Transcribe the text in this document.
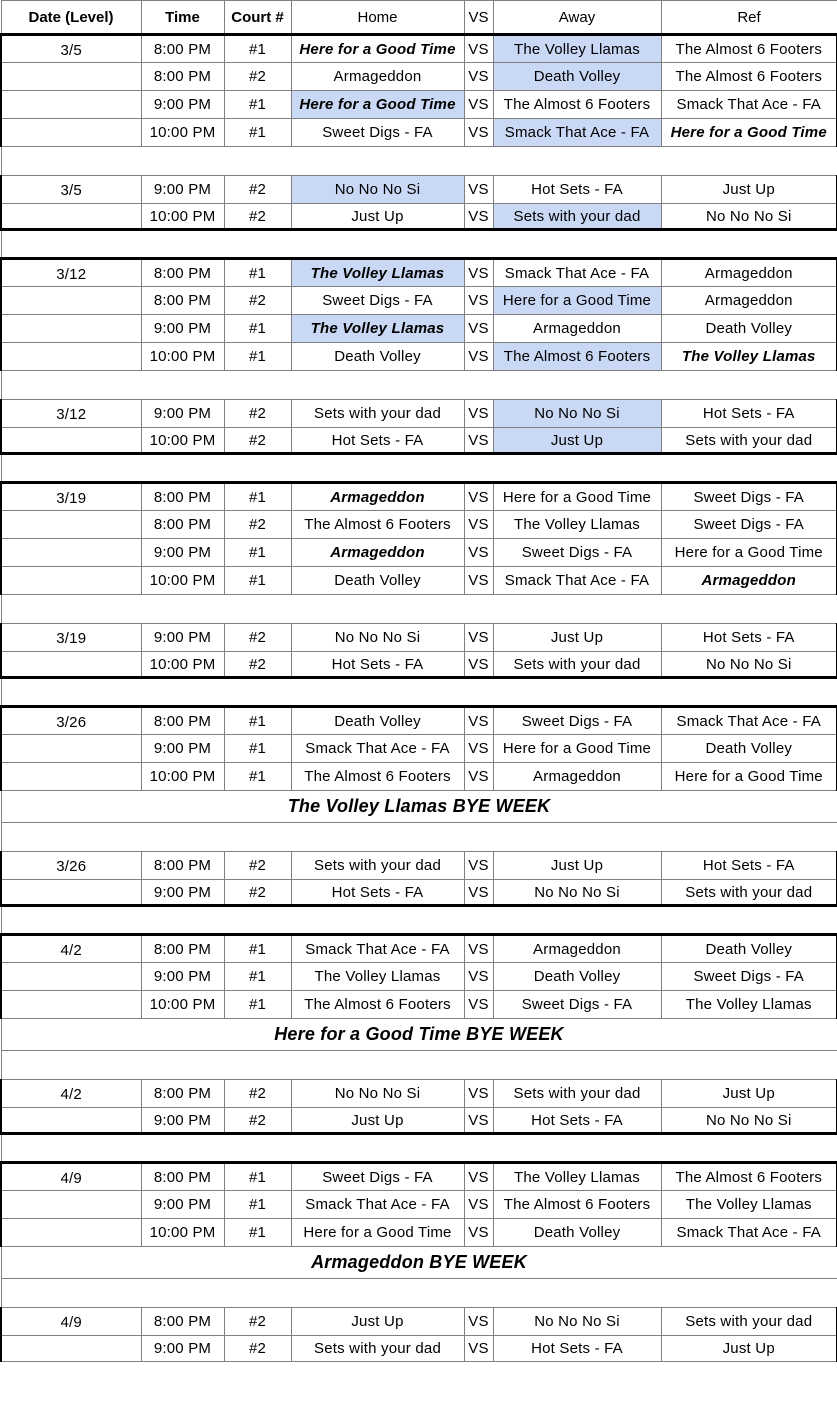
Date (Level)	Time	Court #	Home	VS	Away	Ref
3/5	8:00 PM	#1	Here for a Good Time	VS	The Volley Llamas	The Almost 6 Footers
	8:00 PM	#2	Armageddon	VS	Death Volley	The Almost 6 Footers
	9:00 PM	#1	Here for a Good Time	VS	The Almost 6 Footers	Smack That Ace - FA
	10:00 PM	#1	Sweet Digs - FA	VS	Smack That Ace - FA	Here for a Good Time

3/5	9:00 PM	#2	No No No Si	VS	Hot Sets - FA	Just Up
	10:00 PM	#2	Just Up	VS	Sets with your dad	No No No Si

3/12	8:00 PM	#1	The Volley Llamas	VS	Smack That Ace - FA	Armageddon
	8:00 PM	#2	Sweet Digs - FA	VS	Here for a Good Time	Armageddon
	9:00 PM	#1	The Volley Llamas	VS	Armageddon	Death Volley
	10:00 PM	#1	Death Volley	VS	The Almost 6 Footers	The Volley Llamas

3/12	9:00 PM	#2	Sets with your dad	VS	No No No Si	Hot Sets - FA
	10:00 PM	#2	Hot Sets - FA	VS	Just Up	Sets with your dad

3/19	8:00 PM	#1	Armageddon	VS	Here for a Good Time	Sweet Digs - FA
	8:00 PM	#2	The Almost 6 Footers	VS	The Volley Llamas	Sweet Digs - FA
	9:00 PM	#1	Armageddon	VS	Sweet Digs - FA	Here for a Good Time
	10:00 PM	#1	Death Volley	VS	Smack That Ace - FA	Armageddon

3/19	9:00 PM	#2	No No No Si	VS	Just Up	Hot Sets - FA
	10:00 PM	#2	Hot Sets - FA	VS	Sets with your dad	No No No Si

3/26	8:00 PM	#1	Death Volley	VS	Sweet Digs - FA	Smack That Ace - FA
	9:00 PM	#1	Smack That Ace - FA	VS	Here for a Good Time	Death Volley
	10:00 PM	#1	The Almost 6 Footers	VS	Armageddon	Here for a Good Time
The Volley Llamas BYE WEEK						

3/26	8:00 PM	#2	Sets with your dad	VS	Just Up	Hot Sets - FA
	9:00 PM	#2	Hot Sets - FA	VS	No No No Si	Sets with your dad

4/2	8:00 PM	#1	Smack That Ace - FA	VS	Armageddon	Death Volley
	9:00 PM	#1	The Volley Llamas	VS	Death Volley	Sweet Digs - FA
	10:00 PM	#1	The Almost 6 Footers	VS	Sweet Digs - FA	The Volley Llamas
Here for a Good Time BYE WEEK						

4/2	8:00 PM	#2	No No No Si	VS	Sets with your dad	Just Up
	9:00 PM	#2	Just Up	VS	Hot Sets - FA	No No No Si

4/9	8:00 PM	#1	Sweet Digs - FA	VS	The Volley Llamas	The Almost 6 Footers
	9:00 PM	#1	Smack That Ace - FA	VS	The Almost 6 Footers	The Volley Llamas
	10:00 PM	#1	Here for a Good Time	VS	Death Volley	Smack That Ace - FA
Armageddon BYE WEEK						

4/9	8:00 PM	#2	Just Up	VS	No No No Si	Sets with your dad
	9:00 PM	#2	Sets with your dad	VS	Hot Sets - FA	Just Up
